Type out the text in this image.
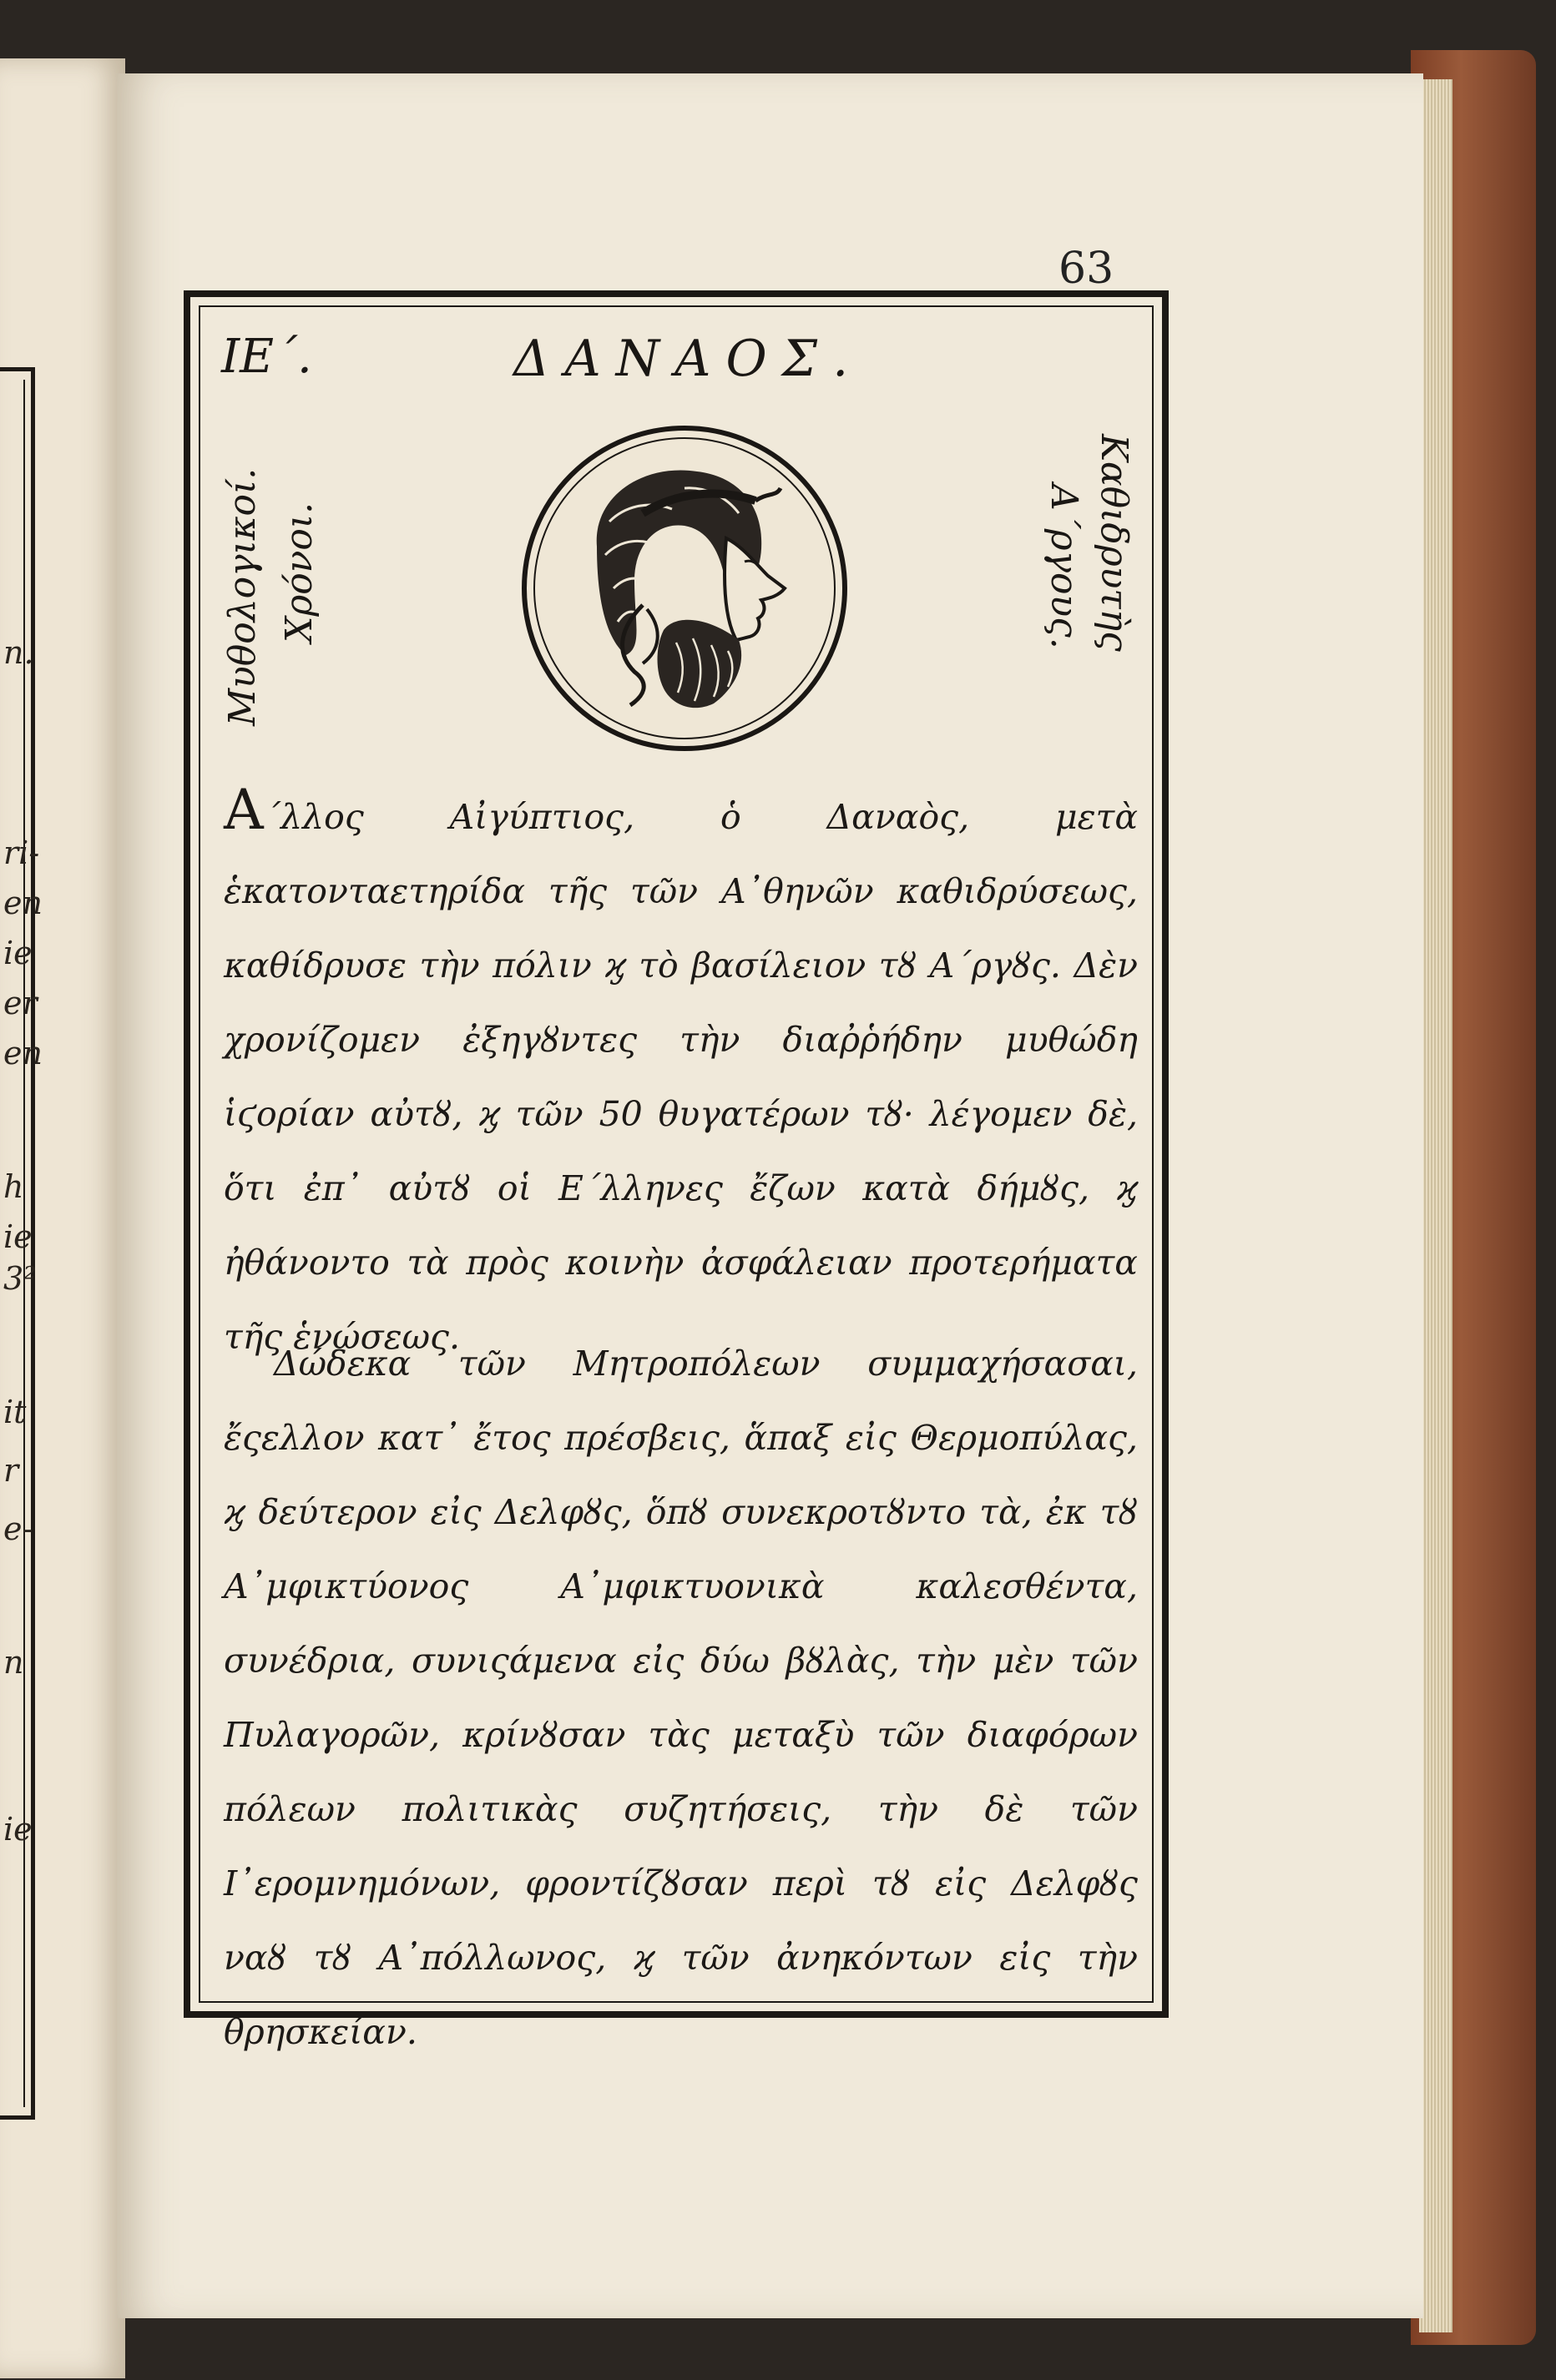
n.
ri-
en
ie
er
en
h
ie
3²
it
r
e-
n
ie
63
ΙΕ΄.	ΔΑΝΑΟΣ.
Μυθολογικοί. Χρόνοι.	Καθιδρυτὴς
Α΄ργους.

Α΄λλος Αἰγύπτιος, ὁ Δαναὸς, μετὰ ἑκατονταετηρίδα τῆς τῶν Α᾽θηνῶν καθιδρύσεως, καθίδρυσε τὴν πόλιν ϗ τὸ βασίλειον τȣ Α΄ργȣς. Δὲν χρονίζομεν ἐξηγȣντες τὴν διαῤῥήδην μυθώδη ἱϛορίαν αὐτȣ, ϗ τῶν 50 θυγατέρων τȣ· λέγομεν δὲ, ὅτι ἐπ᾽ αὐτȣ οἱ Ε΄λληνες ἔζων κατὰ δήμȣς, ϗ ἠθάνοντο τὰ πρὸς κοινὴν ἀσφάλειαν προτερήματα τῆς ἑνώσεως.

Δώδεκα τῶν Μητροπόλεων συμμαχήσασαι, ἔςελλον κατ᾽ ἔτος πρέσβεις, ἅπαξ εἰς Θερμοπύλας, ϗ δεύτερον εἰς Δελφȣς, ὅπȣ συνεκροτȣντο τὰ, ἐκ τȣ Α᾽μφικτύονος Α᾽μφικτυονικὰ καλεσθέντα, συνέδρια, συνιςάμενα εἰς δύω βȣλὰς, τὴν μὲν τῶν Πυλαγορῶν, κρίνȣσαν τὰς μεταξὺ τῶν διαφόρων πόλεων πολιτικὰς συζητήσεις, τὴν δὲ τῶν Ι᾽ερομνημόνων, φροντίζȣσαν περὶ τȣ εἰς Δελφȣς ναȣ τȣ Α᾽πόλλωνος, ϗ τῶν ἀνηκόντων εἰς τὴν θρησκείαν.
